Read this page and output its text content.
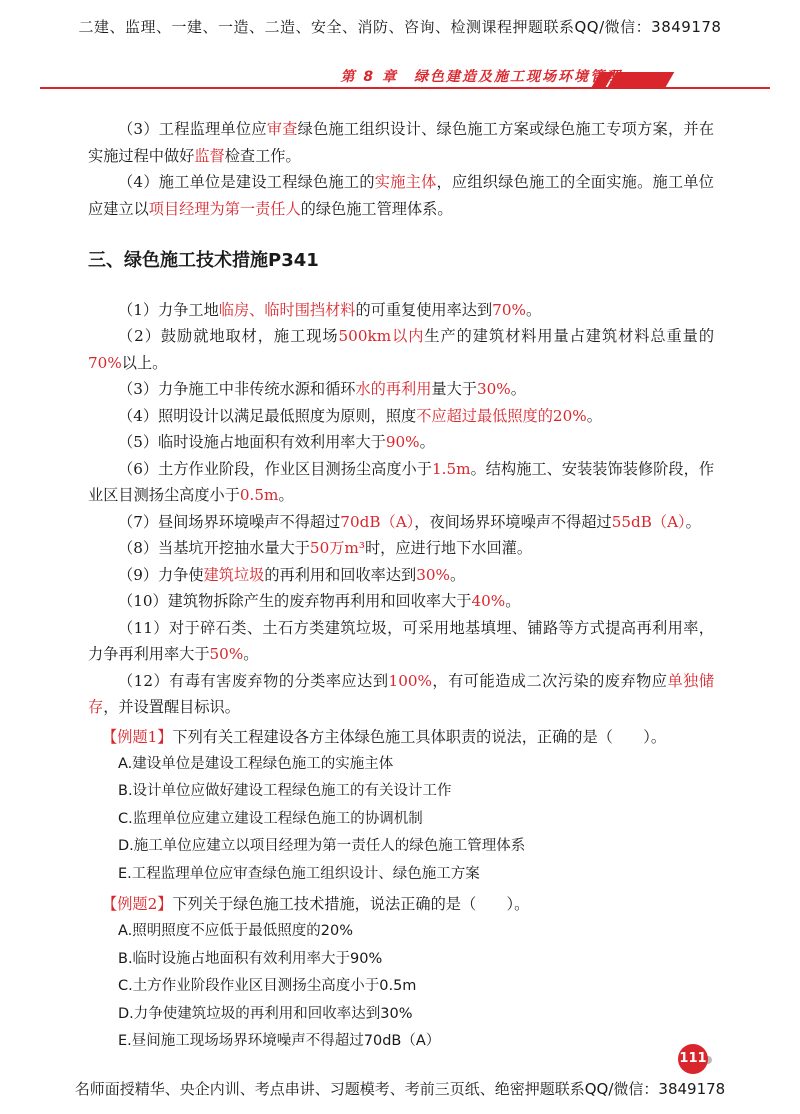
二建、监理、一建、一造、二造、安全、消防、咨询、检测课程押题联系QQ/微信：3849178
第 8 章　绿色建造及施工现场环境管理

（3）工程监理单位应审查绿色施工组织设计、绿色施工方案或绿色施工专项方案，并在实施过程中做好监督检查工作。

（4）施工单位是建设工程绿色施工的实施主体，应组织绿色施工的全面实施。施工单位应建立以项目经理为第一责任人的绿色施工管理体系。

三、绿色施工技术措施P341

（1）力争工地临房、临时围挡材料的可重复使用率达到70%。

（2）鼓励就地取材，施工现场500km以内生产的建筑材料用量占建筑材料总重量的70%以上。

（3）力争施工中非传统水源和循环水的再利用量大于30%。

（4）照明设计以满足最低照度为原则，照度不应超过最低照度的20%。

（5）临时设施占地面积有效利用率大于90%。

（6）土方作业阶段，作业区目测扬尘高度小于1.5m。结构施工、安装装饰装修阶段，作业区目测扬尘高度小于0.5m。

（7）昼间场界环境噪声不得超过70dB（A），夜间场界环境噪声不得超过55dB（A）。

（8）当基坑开挖抽水量大于50万m³时，应进行地下水回灌。

（9）力争使建筑垃圾的再利用和回收率达到30%。

（10）建筑物拆除产生的废弃物再利用和回收率大于40%。

（11）对于碎石类、土石方类建筑垃圾，可采用地基填埋、铺路等方式提高再利用率，力争再利用率大于50%。

（12）有毒有害废弃物的分类率应达到100%，有可能造成二次污染的废弃物应单独储存，并设置醒目标识。

【例题1】下列有关工程建设各方主体绿色施工具体职责的说法，正确的是（　　）。

A.建设单位是建设工程绿色施工的实施主体

B.设计单位应做好建设工程绿色施工的有关设计工作

C.监理单位应建立建设工程绿色施工的协调机制

D.施工单位应建立以项目经理为第一责任人的绿色施工管理体系

E.工程监理单位应审查绿色施工组织设计、绿色施工方案

【例题2】下列关于绿色施工技术措施，说法正确的是（　　）。

A.照明照度不应低于最低照度的20%

B.临时设施占地面积有效利用率大于90%

C.土方作业阶段作业区目测扬尘高度小于0.5m

D.力争使建筑垃圾的再利用和回收率达到30%

E.昼间施工现场场界环境噪声不得超过70dB（A）

111
名师面授精华、央企内训、考点串讲、习题模考、考前三页纸、绝密押题联系QQ/微信：3849178
